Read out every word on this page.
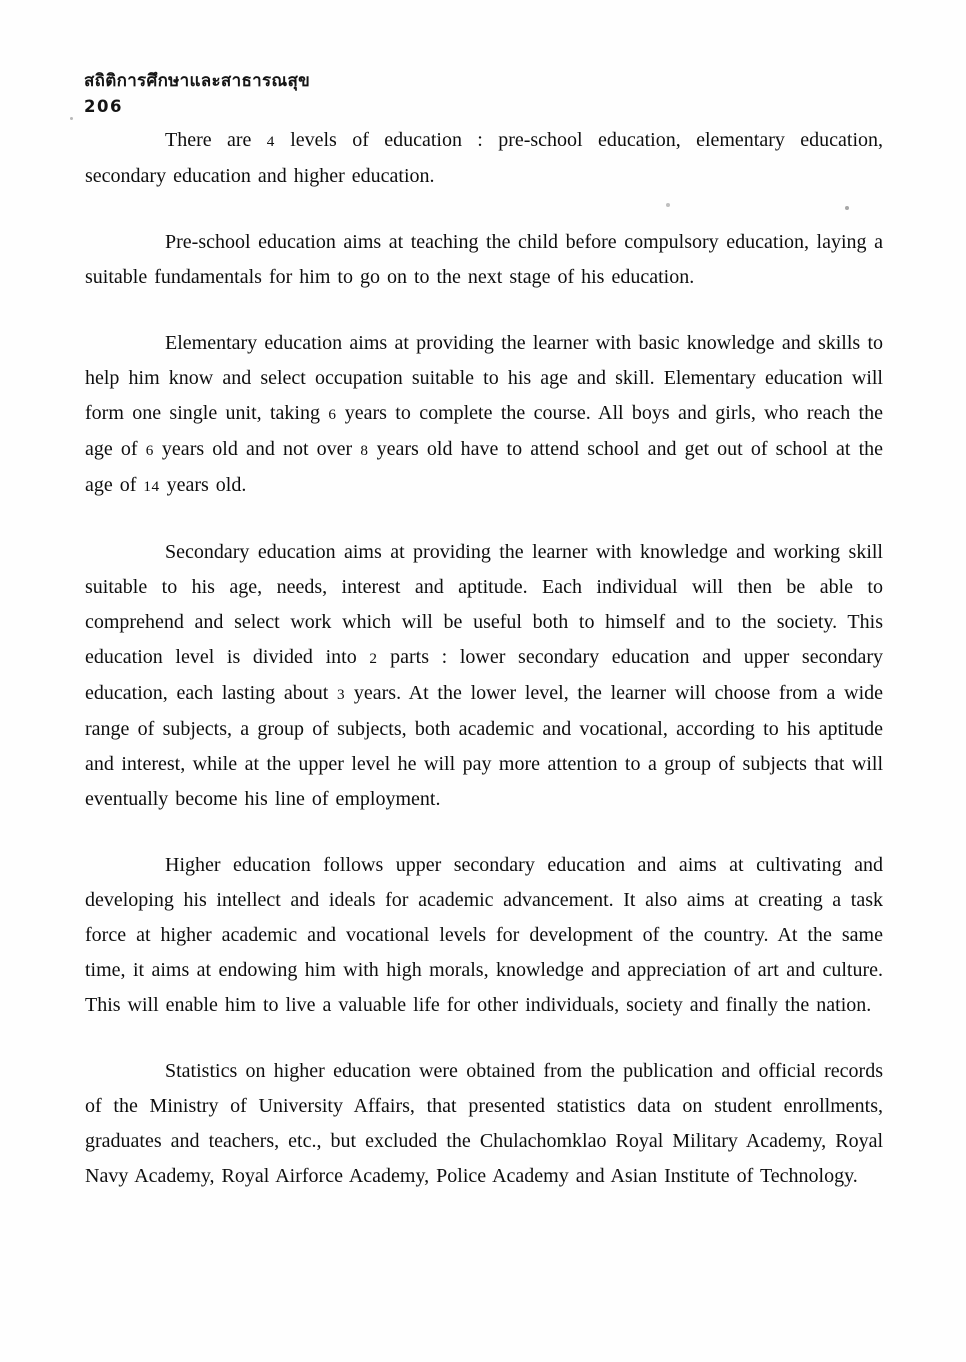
สถิติการศึกษาและสาธารณสุข
206

There are 4 levels of education : pre-school education, elementary education, secondary education and higher education.

Pre-school education aims at teaching the child before compulsory education, laying a suitable fundamentals for him to go on to the next stage of his education.

Elementary education aims at providing the learner with basic knowledge and skills to help him know and select occupation suitable to his age and skill. Elementary education will form one single unit, taking 6 years to complete the course. All boys and girls, who reach the age of 6 years old and not over 8 years old have to attend school and get out of school at the age of 14 years old.

Secondary education aims at providing the learner with knowledge and working skill suitable to his age, needs, interest and aptitude. Each individual will then be able to comprehend and select work which will be useful both to himself and to the society. This education level is divided into 2 parts : lower secondary education and upper secondary education, each lasting about 3 years. At the lower level, the learner will choose from a wide range of subjects, a group of subjects, both academic and vocational, according to his aptitude and interest, while at the upper level he will pay more attention to a group of subjects that will eventually become his line of employment.

Higher education follows upper secondary education and aims at cultivating and developing his intellect and ideals for academic advancement. It also aims at creating a task force at higher academic and vocational levels for development of the country. At the same time, it aims at endowing him with high morals, knowledge and appreciation of art and culture. This will enable him to live a valuable life for other individuals, society and finally the nation.

Statistics on higher education were obtained from the publication and official records of the Ministry of University Affairs, that presented statistics data on student enrollments, graduates and teachers, etc., but excluded the Chulachomklao Royal Military Academy, Royal Navy Academy, Royal Airforce Academy, Police Academy and Asian Institute of Technology.
